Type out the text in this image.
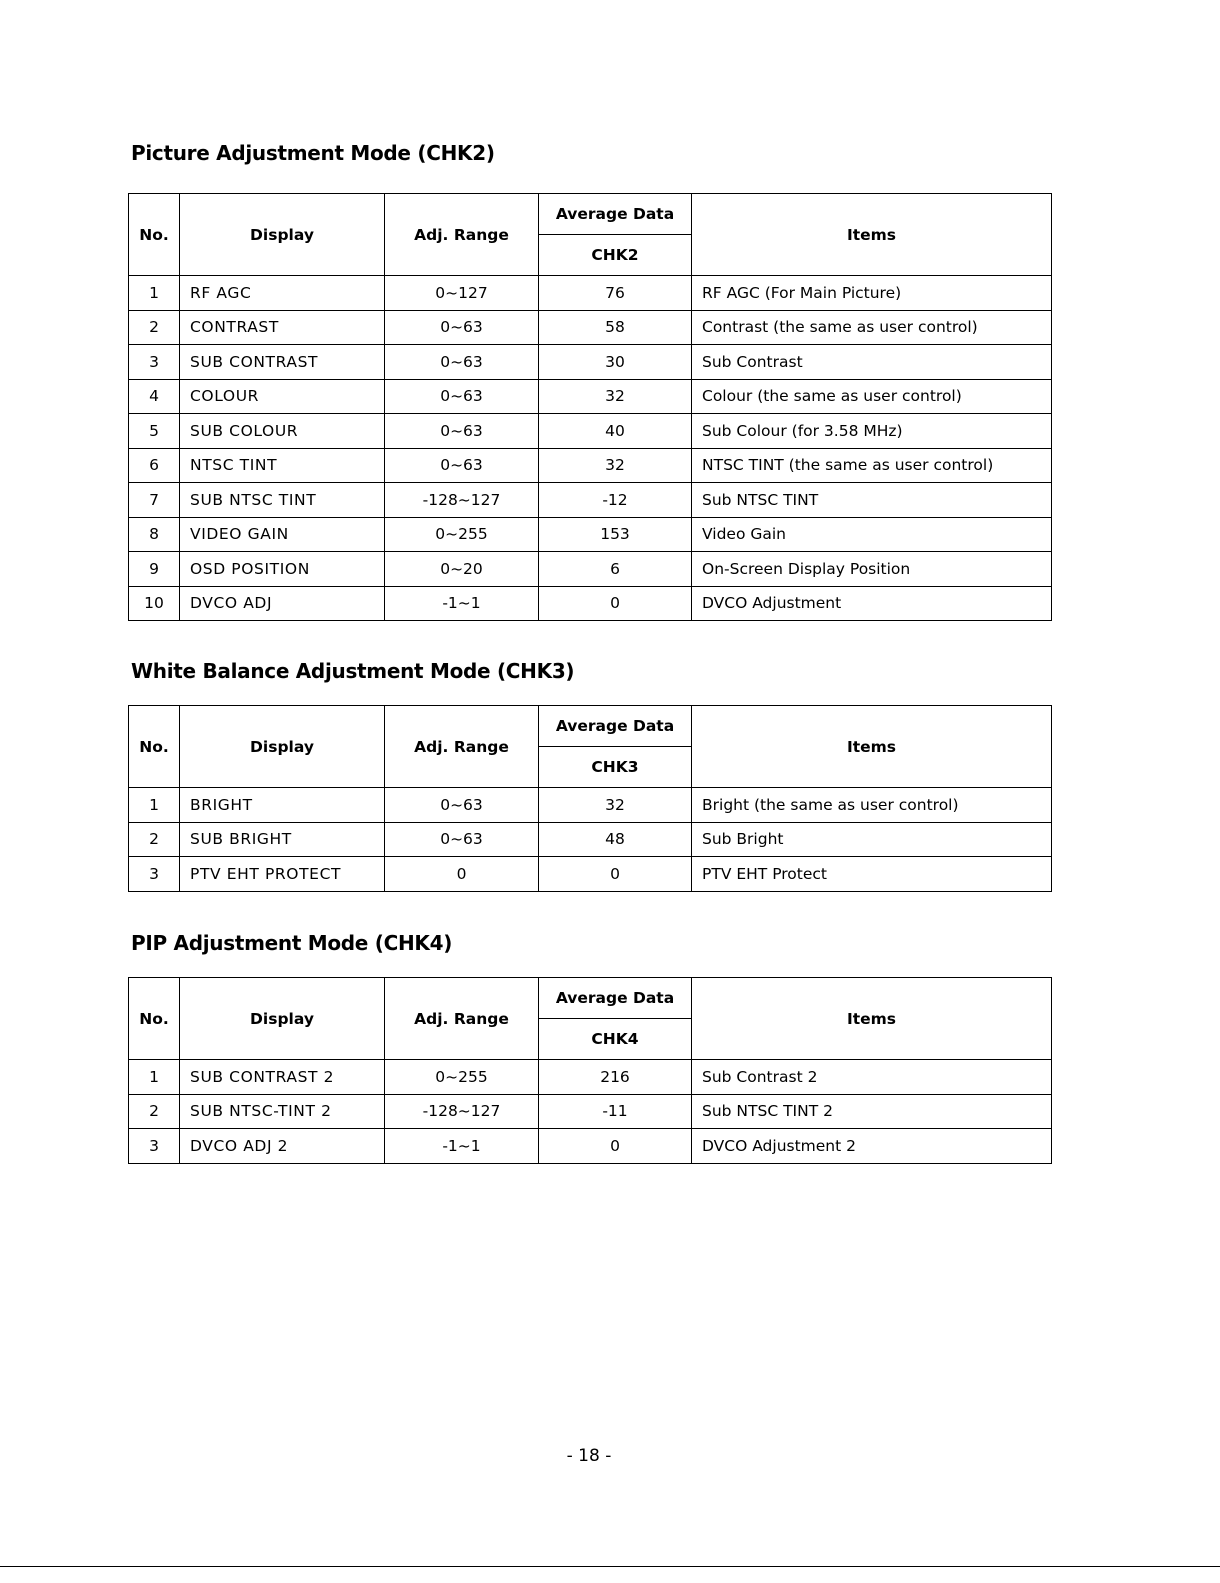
Picture Adjustment Mode (CHK2)
No.	Display	Adj. Range	Average Data	Items
			CHK2	
1	RF AGC	0~127	76	RF AGC (For Main Picture)
2	CONTRAST	0~63	58	Contrast (the same as user control)
3	SUB CONTRAST	0~63	30	Sub Contrast
4	COLOUR	0~63	32	Colour (the same as user control)
5	SUB COLOUR	0~63	40	Sub Colour (for 3.58 MHz)
6	NTSC TINT	0~63	32	NTSC TINT (the same as user control)
7	SUB NTSC TINT	-128~127	-12	Sub NTSC TINT
8	VIDEO GAIN	0~255	153	Video Gain
9	OSD POSITION	0~20	6	On-Screen Display Position
10	DVCO ADJ	-1~1	0	DVCO Adjustment
White Balance Adjustment Mode (CHK3)
No.	Display	Adj. Range	Average Data	Items
			CHK3	
1	BRIGHT	0~63	32	Bright (the same as user control)
2	SUB BRIGHT	0~63	48	Sub Bright
3	PTV EHT PROTECT	0	0	PTV EHT Protect
PIP Adjustment Mode (CHK4)
No.	Display	Adj. Range	Average Data	Items
			CHK4	
1	SUB CONTRAST 2	0~255	216	Sub Contrast 2
2	SUB NTSC-TINT 2	-128~127	-11	Sub NTSC TINT 2
3	DVCO ADJ 2	-1~1	0	DVCO Adjustment 2
- 18 -
